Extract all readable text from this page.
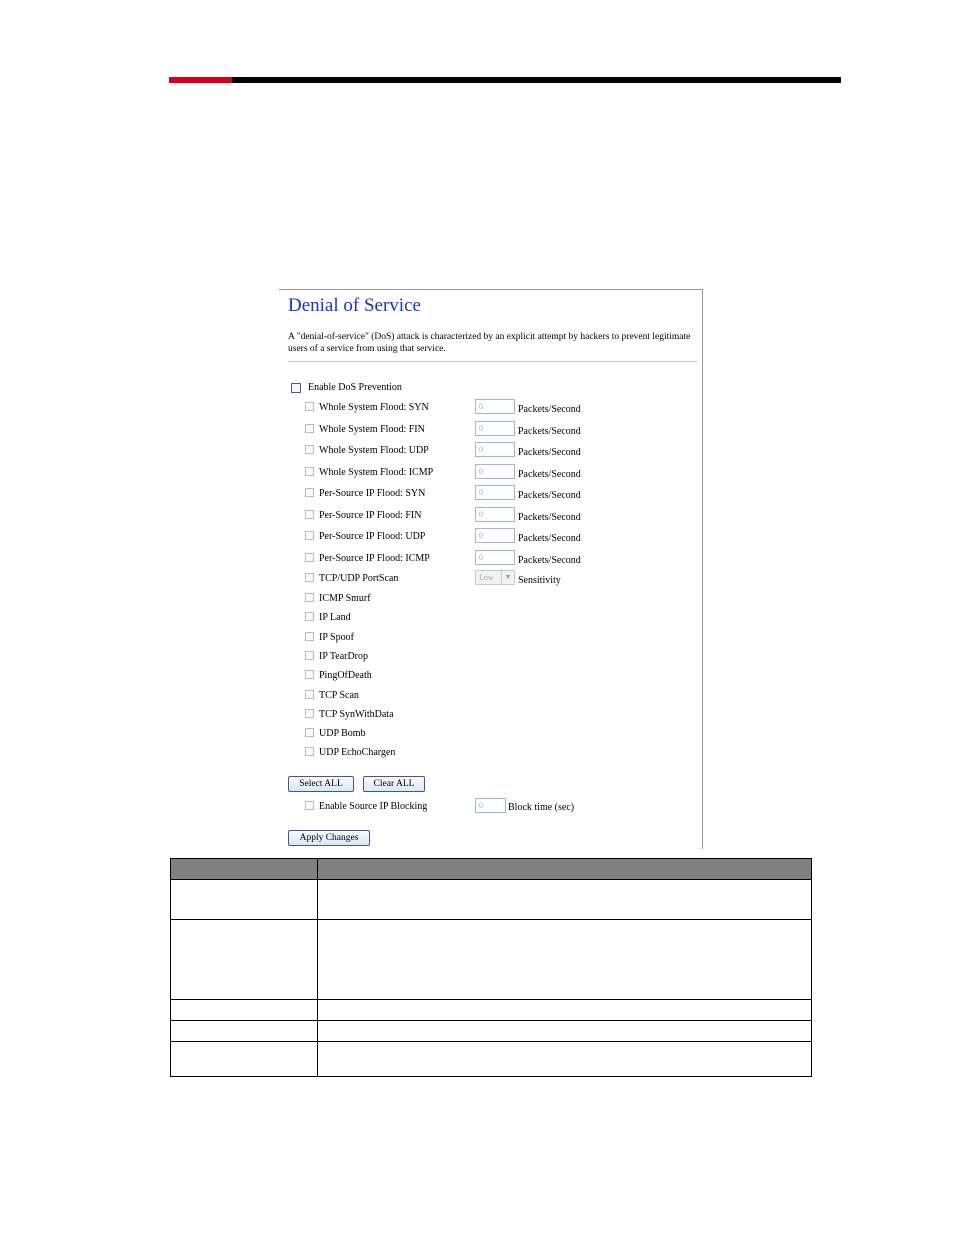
Denial of Service
A "denial-of-service" (DoS) attack is characterized by an explicit attempt by hackers to prevent legitimate users of a service from using that service.
Enable DoS Prevention
Whole System Flood: SYN	0	Packets/Second
Whole System Flood: FIN	0	Packets/Second
Whole System Flood: UDP	0	Packets/Second
Whole System Flood: ICMP	0	Packets/Second
Per-Source IP Flood: SYN	0	Packets/Second
Per-Source IP Flood: FIN	0	Packets/Second
Per-Source IP Flood: UDP	0	Packets/Second
Per-Source IP Flood: ICMP	0	Packets/Second
TCP/UDP PortScan	Low	▼ Sensitivity
ICMP Smurf
IP Land
IP Spoof
IP TearDrop
PingOfDeath
TCP Scan
TCP SynWithData
UDP Bomb
UDP EchoChargen
Select ALL	Clear ALL
Enable Source IP Blocking	0	Block time (sec)
Apply Changes
